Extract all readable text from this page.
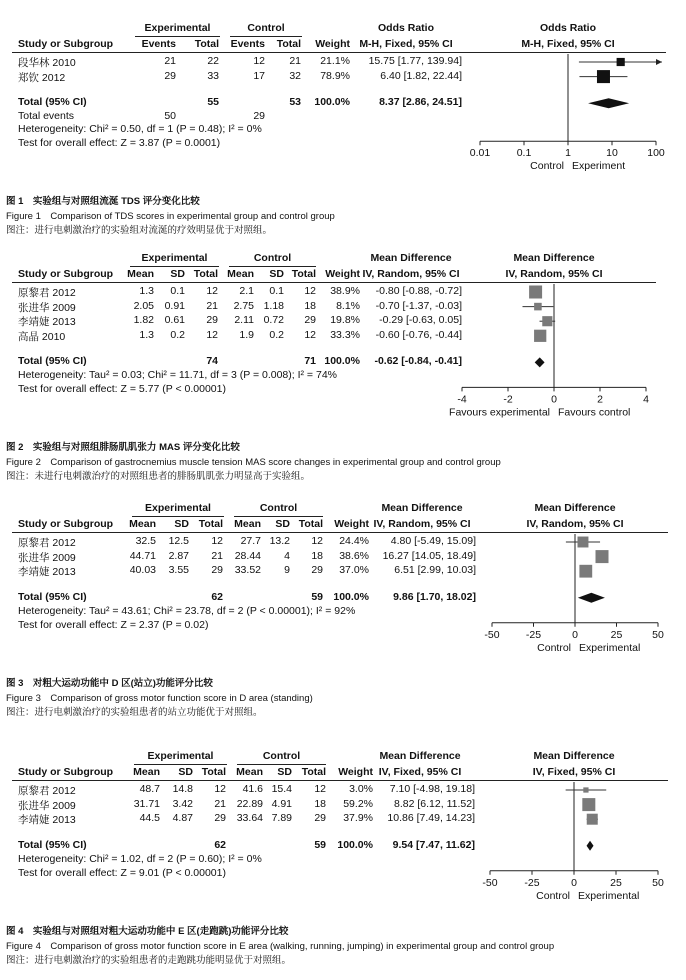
Experimental	Control	Odds Ratio	Odds Ratio
Study or Subgroup	Events	Total	Events	Total	Weight M-H, Fixed, 95% CI	M-H, Fixed, 95% CI
段华林 2010	21	22	12	21	21.1%	15.75 [1.77, 139.94]
郑钦 2012	29	33	17	32	78.9%	6.40 [1.82, 22.44]
Total (95% CI)	55	53	100.0%	8.37 [2.86, 24.51]
Total events	50	29
Heterogeneity: Chi² = 0.50, df = 1 (P = 0.48); I² = 0%
Test for overall effect: Z = 3.87 (P = 0.0001)
0.01	0.1	1	10	100
Control Experiment
图 1　实验组与对照组流涎 TDS 评分变化比较
Figure 1　Comparison of TDS scores in experimental group and control group
图注：进行电刺激治疗的实验组对流涎的疗效明显优于对照组。
Experimental	Control	Mean Difference	Mean Difference
Study or Subgroup	Mean	SD Total Mean	SD Total Weight IV, Random, 95% CI	IV, Random, 95% CI
原黎君 2012	1.3	0.1	12	2.1	0.1	12	38.9%	-0.80 [-0.88, -0.72]
张进华 2009	2.05	0.91	21	2.75 1.18	18	8.1%	-0.70 [-1.37, -0.03]
李靖婕 2013	1.82	0.61	29	2.11 0.72	29	19.8%	-0.29 [-0.63, 0.05]
高晶 2010	1.3	0.2	12	1.9	0.2	12	33.3%	-0.60 [-0.76, -0.44]
Total (95% CI)	74	71 100.0%	-0.62 [-0.84, -0.41]
Heterogeneity: Tau² = 0.03; Chi² = 11.71, df = 3 (P = 0.008); I² = 74%
Test for overall effect: Z = 5.77 (P < 0.00001)
-4	-2	0	2	4
Favours experimental Favours control
图 2　实验组与对照组腓肠肌肌张力 MAS 评分变化比较
Figure 2　Comparison of gastrocnemius muscle tension MAS score changes in experimental group and control group
图注：未进行电刺激治疗的对照组患者的腓肠肌肌张力明显高于实验组。
Experimental	Control	Mean Difference	Mean Difference
Study or Subgroup	Mean	SD Total	Mean	SD Total	Weight IV, Random, 95% CI	IV, Random, 95% CI
原黎君 2012	32.5	12.5	12	27.7 13.2	12	24.4%	4.80 [-5.49, 15.09]
张进华 2009	44.71	2.87	21	28.44	4	18	38.6%	16.27 [14.05, 18.49]
李靖婕 2013	40.03	3.55	29	33.52	9	29	37.0%	6.51 [2.99, 10.03]
Total (95% CI)	62	59 100.0%	9.86 [1.70, 18.02]
Heterogeneity: Tau² = 43.61; Chi² = 23.78, df = 2 (P < 0.00001); I² = 92%
Test for overall effect: Z = 2.37 (P = 0.02)
-50	-25	0	25	50
Control Experimental
图 3　对粗大运动功能中 D 区(站立)功能评分比较
Figure 3　Comparison of gross motor function score in D area (standing)
图注：进行电刺激治疗的实验组患者的站立功能优于对照组。
Experimental	Control	Mean Difference	Mean Difference
Study or Subgroup	Mean	SD Total Mean	SD Total	Weight IV, Fixed, 95% CI	IV, Fixed, 95% CI
原黎君 2012	48.7	14.8	12	41.6 15.4	12	3.0%	7.10 [-4.98, 19.18]
张进华 2009	31.71	3.42	21	22.89 4.91	18	59.2%	8.82 [6.12, 11.52]
李靖婕 2013	44.5	4.87	29	33.64 7.89	29	37.9%	10.86 [7.49, 14.23]
Total (95% CI)	62	59	100.0%	9.54 [7.47, 11.62]
Heterogeneity: Chi² = 1.02, df = 2 (P = 0.60); I² = 0%
Test for overall effect: Z = 9.01 (P < 0.00001)
-50	-25	0	25	50
Control Experimental
图 4　实验组与对照组对粗大运动功能中 E 区(走跑跳)功能评分比较
Figure 4　Comparison of gross motor function score in E area (walking, running, jumping) in experimental group and control group
图注：进行电刺激治疗的实验组患者的走跑跳功能明显优于对照组。
